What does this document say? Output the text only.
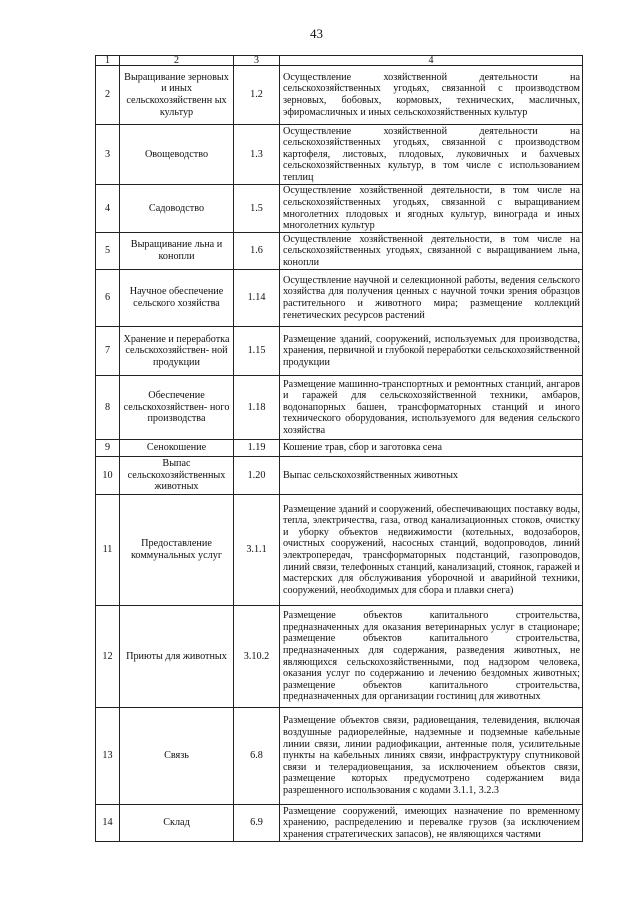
43
1	2	3	4
2	Выращивание зерновых и иных сельскохозяйственн ых культур	1.2	Осуществление хозяйственной деятельности на сельскохозяйственных угодьях, связанной с производством зерновых, бобовых, кормовых, технических, масличных, эфиромасличных и иных сельскохозяйственных культур
3	Овощеводство	1.3	Осуществление хозяйственной деятельности на сельскохозяйственных угодьях, связанной с производством картофеля, листовых, плодовых, луковичных и бахчевых сельскохозяйственных культур, в том числе с использованием теплиц
4	Садоводство	1.5	Осуществление хозяйственной деятельности, в том числе на сельскохозяйственных угодьях, связанной с выращиванием многолетних плодовых и ягодных культур, винограда и иных многолетних культур
5	Выращивание льна и конопли	1.6	Осуществление хозяйственной деятельности, в том числе на сельскохозяйственных угодьях, связанной с выращиванием льна, конопли
6	Научное обеспечение сельского хозяйства	1.14	Осуществление научной и селекционной работы, ведения сельского хозяйства для получения ценных с научной точки зрения образцов растительного и животного мира; размещение коллекций генетических ресурсов растений
7	Хранение и переработка сельскохозяйствен- ной продукции	1.15	Размещение зданий, сооружений, используемых для производства, хранения, первичной и глубокой переработки сельскохозяйственной продукции
8	Обеспечение сельскохозяйствен- ного производства	1.18	Размещение машинно-транспортных и ремонтных станций, ангаров и гаражей для сельскохозяйственной техники, амбаров, водонапорных башен, трансформаторных станций и иного технического оборудования, используемого для ведения сельского хозяйства
9	Сенокошение	1.19	Кошение трав, сбор и заготовка сена
10	Выпас сельскохозяйственных животных	1.20	Выпас сельскохозяйственных животных
11	Предоставление коммунальных услуг	3.1.1	Размещение зданий и сооружений, обеспечивающих поставку воды, тепла, электричества, газа, отвод канализационных стоков, очистку и уборку объектов недвижимости (котельных, водозаборов, очистных сооружений, насосных станций, водопроводов, линий электропередач, трансформаторных подстанций, газопроводов, линий связи, телефонных станций, канализаций, стоянок, гаражей и мастерских для обслуживания уборочной и аварийной техники, сооружений, необходимых для сбора и плавки снега)
12	Приюты для животных	3.10.2	Размещение объектов капитального строительства, предназначенных для оказания ветеринарных услуг в стационаре; размещение объектов капитального строительства, предназначенных для содержания, разведения животных, не являющихся сельскохозяйственными, под надзором человека, оказания услуг по содержанию и лечению бездомных животных; размещение объектов капитального строительства, предназначенных для организации гостиниц для животных
13	Связь	6.8	Размещение объектов связи, радиовещания, телевидения, включая воздушные радиорелейные, надземные и подземные кабельные линии связи, линии радиофикации, антенные поля, усилительные пункты на кабельных линиях связи, инфраструктуру спутниковой связи и телерадиовещания, за исключением объектов связи, размещение которых предусмотрено содержанием вида разрешенного использования с кодами 3.1.1, 3.2.3
14	Склад	6.9	Размещение сооружений, имеющих назначение по временному хранению, распределению и перевалке грузов (за исключением хранения стратегических запасов), не являющихся частями
